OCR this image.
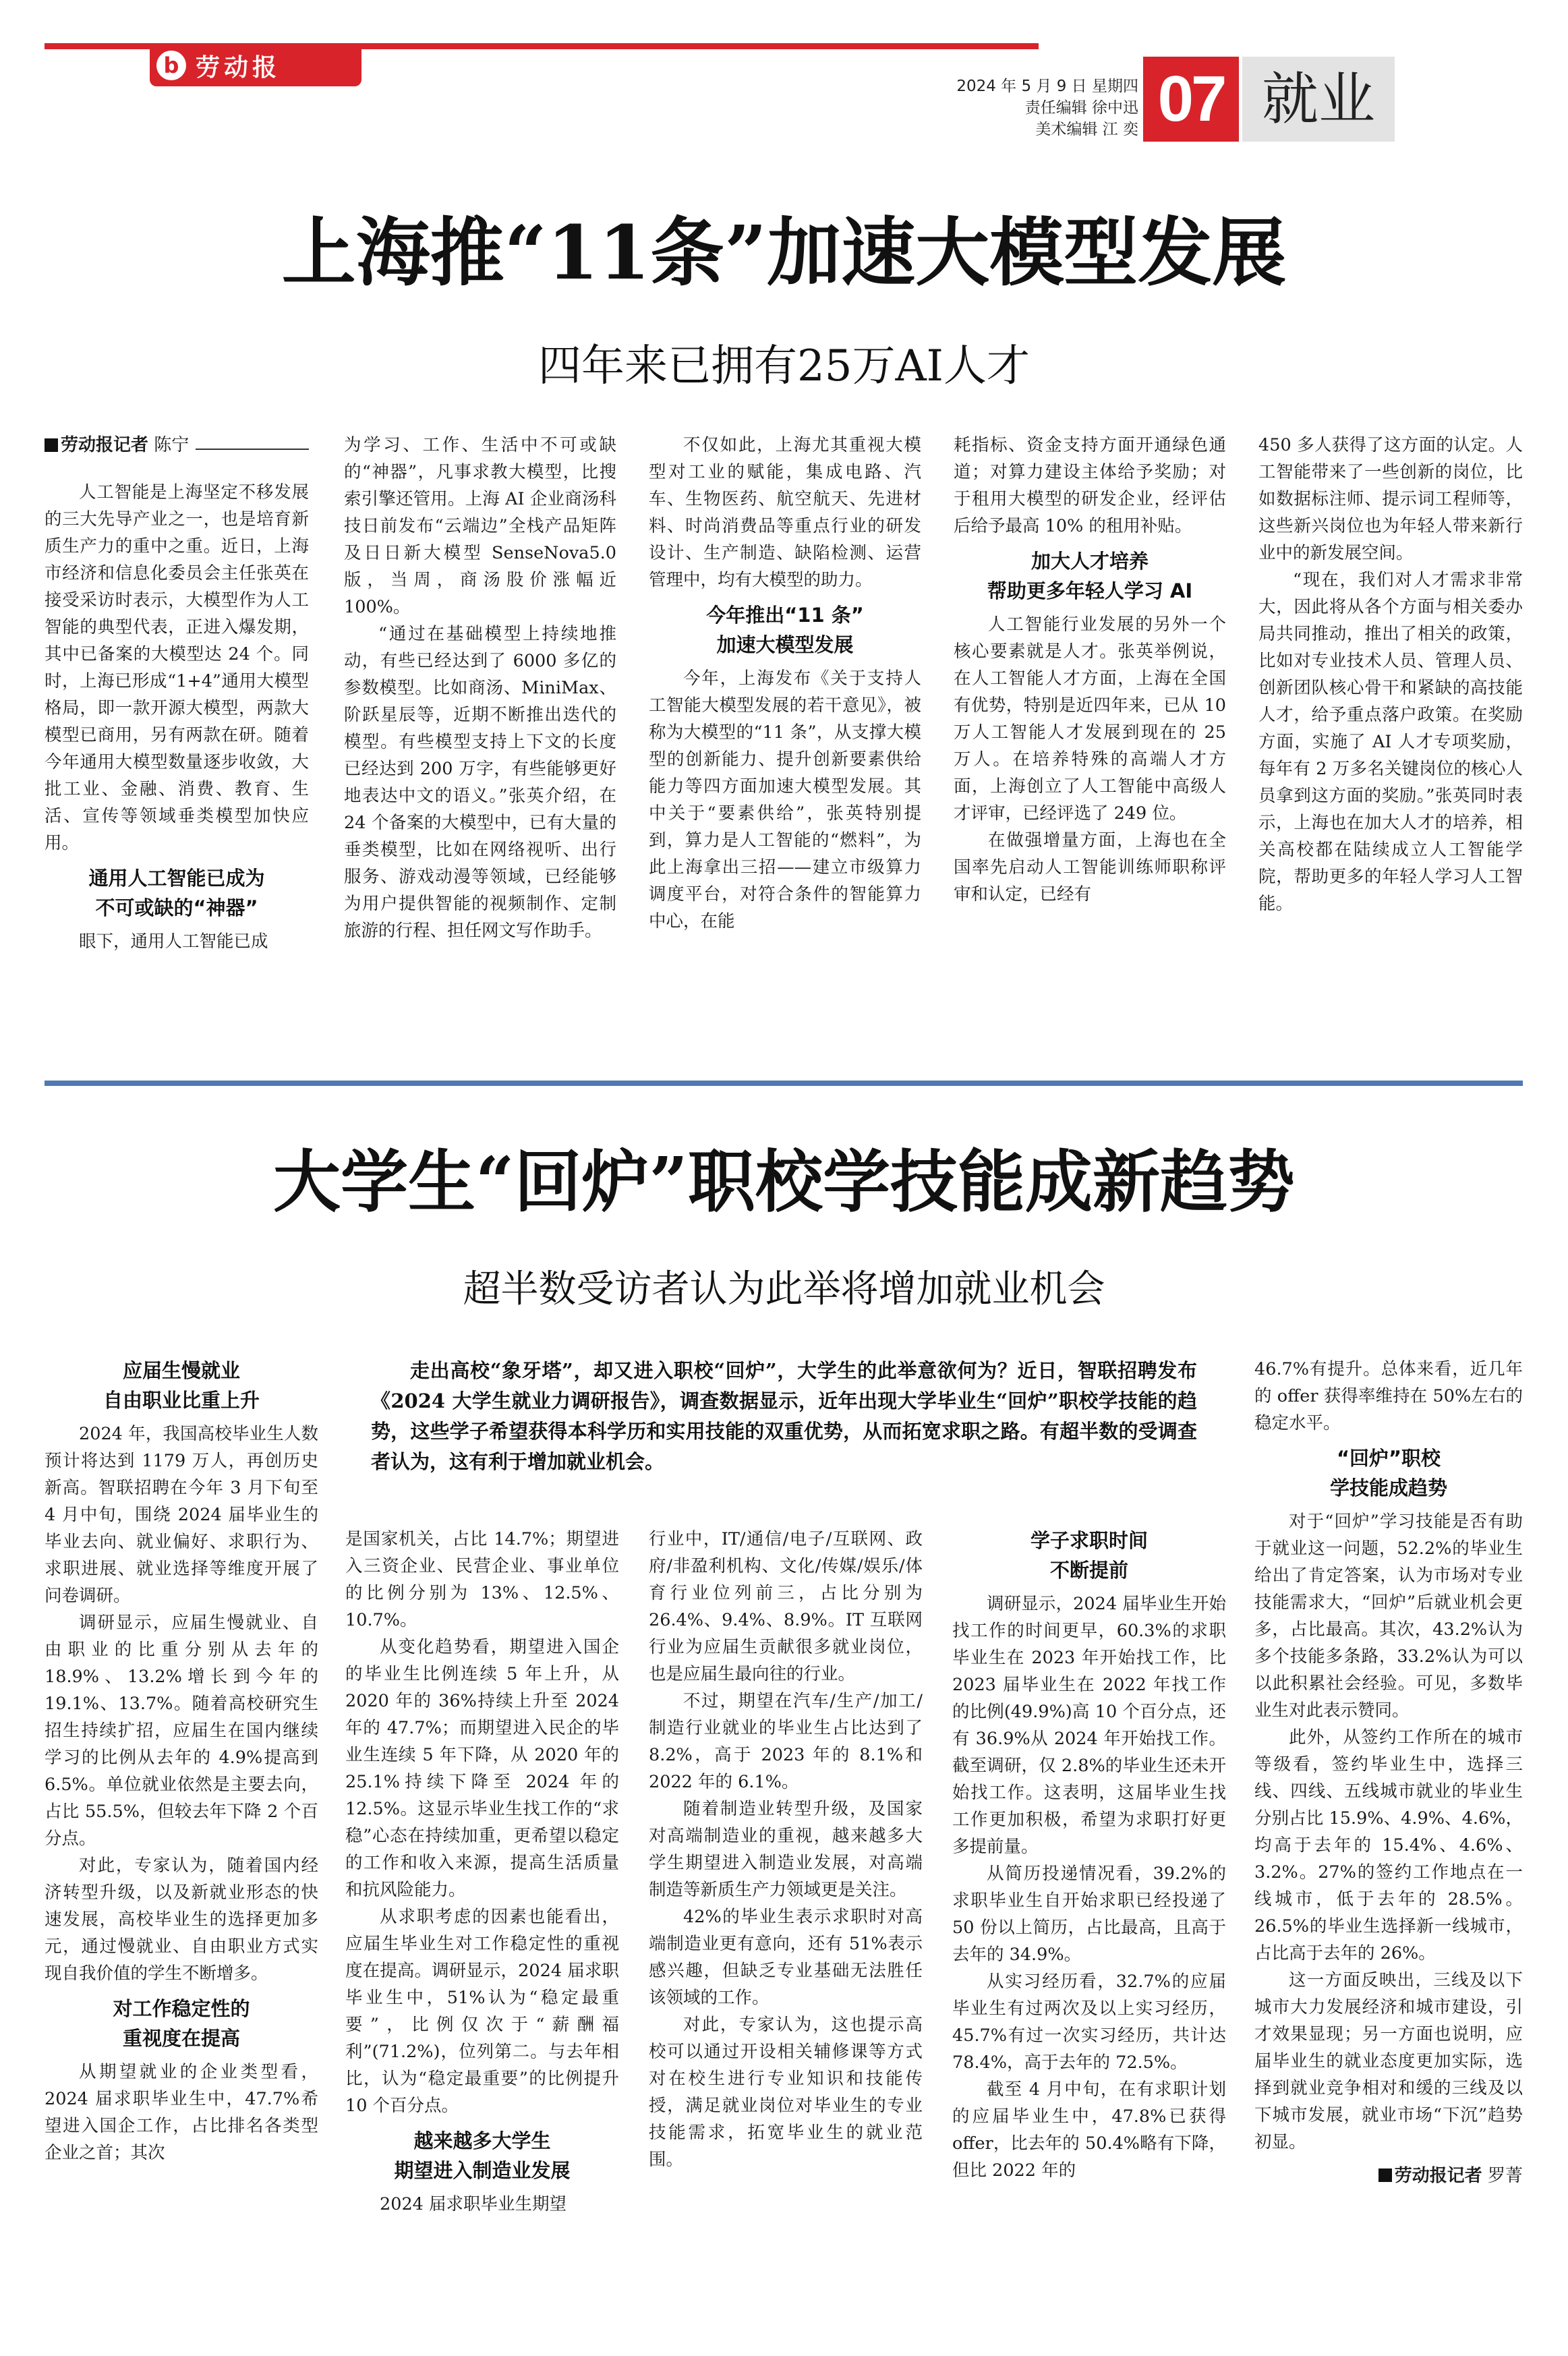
b 劳动报
2024 年 5 月 9 日 星期四
责任编辑 徐中迅
美术编辑 江 奕 07 就业
上海推“11条”加速大模型发展
四年来已拥有25万AI人才
劳动报记者
陈宁

人工智能是上海坚定不移发展的三大先导产业之一，也是培育新质生产力的重中之重。近日，上海市经济和信息化委员会主任张英在接受采访时表示，大模型作为人工智能的典型代表，正进入爆发期，其中已备案的大模型达 24 个。同时，上海已形成“1+4”通用大模型格局，即一款开源大模型，两款大模型已商用，另有两款在研。随着今年通用大模型数量逐步收敛，大批工业、金融、消费、教育、生活、宣传等领域垂类模型加快应用。

通用人工智能已成为
不可或缺的“神器”

眼下，通用人工智能已成

为学习、工作、生活中不可或缺的“神器”，凡事求教大模型，比搜索引擎还管用。上海 AI 企业商汤科技日前发布“云端边”全栈产品矩阵及日日新大模型 SenseNova5.0 版，当周，商汤股价涨幅近 100%。

“通过在基础模型上持续地推动，有些已经达到了 6000 多亿的参数模型。比如商汤、MiniMax、阶跃星辰等，近期不断推出迭代的模型。有些模型支持上下文的长度已经达到 200 万字，有些能够更好地表达中文的语义。”张英介绍，在 24 个备案的大模型中，已有大量的垂类模型，比如在网络视听、出行服务、游戏动漫等领域，已经能够为用户提供智能的视频制作、定制旅游的行程、担任网文写作助手。

不仅如此，上海尤其重视大模型对工业的赋能，集成电路、汽车、生物医药、航空航天、先进材料、时尚消费品等重点行业的研发设计、生产制造、缺陷检测、运营管理中，均有大模型的助力。

今年推出“11 条”
加速大模型发展

今年，上海发布《关于支持人工智能大模型发展的若干意见》，被称为大模型的“11 条”，从支撑大模型的创新能力、提升创新要素供给能力等四方面加速大模型发展。其中关于“要素供给”，张英特别提到，算力是人工智能的“燃料”，为此上海拿出三招——建立市级算力调度平台，对符合条件的智能算力中心，在能

耗指标、资金支持方面开通绿色通道；对算力建设主体给予奖励；对于租用大模型的研发企业，经评估后给予最高 10% 的租用补贴。

加大人才培养
帮助更多年轻人学习 AI

人工智能行业发展的另外一个核心要素就是人才。张英举例说，在人工智能人才方面，上海在全国有优势，特别是近四年来，已从 10 万人工智能人才发展到现在的 25 万人。在培养特殊的高端人才方面，上海创立了人工智能中高级人才评审，已经评选了 249 位。

在做强增量方面，上海也在全国率先启动人工智能训练师职称评审和认定，已经有

450 多人获得了这方面的认定。人工智能带来了一些创新的岗位，比如数据标注师、提示词工程师等，这些新兴岗位也为年轻人带来新行业中的新发展空间。

“现在，我们对人才需求非常大，因此将从各个方面与相关委办局共同推动，推出了相关的政策，比如对专业技术人员、管理人员、创新团队核心骨干和紧缺的高技能人才，给予重点落户政策。在奖励方面，实施了 AI 人才专项奖励，每年有 2 万多名关键岗位的核心人员拿到这方面的奖励。”张英同时表示，上海也在加大人才的培养，相关高校都在陆续成立人工智能学院，帮助更多的年轻人学习人工智能。

大学生“回炉”职校学技能成新趋势
超半数受访者认为此举将增加就业机会

走出高校“象牙塔”，却又进入职校“回炉”，大学生的此举意欲何为？近日，智联招聘发布《2024 大学生就业力调研报告》，调查数据显示，近年出现大学毕业生“回炉”职校学技能的趋势，这些学子希望获得本科学历和实用技能的双重优势，从而拓宽求职之路。有超半数的受调查者认为，这有利于增加就业机会。

应届生慢就业
自由职业比重上升

2024 年，我国高校毕业生人数预计将达到 1179 万人，再创历史新高。智联招聘在今年 3 月下旬至 4 月中旬，围绕 2024 届毕业生的毕业去向、就业偏好、求职行为、求职进展、就业选择等维度开展了问卷调研。

调研显示，应届生慢就业、自由职业的比重分别从去年的 18.9%、13.2%增长到今年的 19.1%、13.7%。随着高校研究生招生持续扩招，应届生在国内继续学习的比例从去年的 4.9%提高到 6.5%。单位就业依然是主要去向，占比 55.5%，但较去年下降 2 个百分点。

对此，专家认为，随着国内经济转型升级，以及新就业形态的快速发展，高校毕业生的选择更加多元，通过慢就业、自由职业方式实现自我价值的学生不断增多。

对工作稳定性的
重视度在提高

从期望就业的企业类型看，2024 届求职毕业生中，47.7%希望进入国企工作，占比排名各类型企业之首；其次

是国家机关，占比 14.7%；期望进入三资企业、民营企业、事业单位的比例分别为 13%、12.5%、10.7%。

从变化趋势看，期望进入国企的毕业生比例连续 5 年上升，从 2020 年的 36%持续上升至 2024 年的 47.7%；而期望进入民企的毕业生连续 5 年下降，从 2020 年的 25.1%持续下降至 2024 年的 12.5%。这显示毕业生找工作的“求稳”心态在持续加重，更希望以稳定的工作和收入来源，提高生活质量和抗风险能力。

从求职考虑的因素也能看出，应届生毕业生对工作稳定性的重视度在提高。调研显示，2024 届求职毕业生中，51%认为“稳定最重要”，比例仅次于“薪酬福利”(71.2%)，位列第二。与去年相比，认为“稳定最重要”的比例提升 10 个百分点。

越来越多大学生
期望进入制造业发展

2024 届求职毕业生期望

行业中，IT/通信/电子/互联网、政府/非盈利机构、文化/传媒/娱乐/体育行业位列前三，占比分别为 26.4%、9.4%、8.9%。IT 互联网行业为应届生贡献很多就业岗位，也是应届生最向往的行业。

不过，期望在汽车/生产/加工/制造行业就业的毕业生占比达到了 8.2%，高于 2023 年的 8.1%和 2022 年的 6.1%。

随着制造业转型升级，及国家对高端制造业的重视，越来越多大学生期望进入制造业发展，对高端制造等新质生产力领域更是关注。

42%的毕业生表示求职时对高端制造业更有意向，还有 51%表示感兴趣，但缺乏专业基础无法胜任该领域的工作。

对此，专家认为，这也提示高校可以通过开设相关辅修课等方式对在校生进行专业知识和技能传授，满足就业岗位对毕业生的专业技能需求，拓宽毕业生的就业范围。

学子求职时间
不断提前

调研显示，2024 届毕业生开始找工作的时间更早，60.3%的求职毕业生在 2023 年开始找工作，比 2023 届毕业生在 2022 年找工作的比例(49.9%)高 10 个百分点，还有 36.9%从 2024 年开始找工作。截至调研，仅 2.8%的毕业生还未开始找工作。这表明，这届毕业生找工作更加积极，希望为求职打好更多提前量。

从简历投递情况看，39.2%的求职毕业生自开始求职已经投递了 50 份以上简历，占比最高，且高于去年的 34.9%。

从实习经历看，32.7%的应届毕业生有过两次及以上实习经历，45.7%有过一次实习经历，共计达 78.4%，高于去年的 72.5%。

截至 4 月中旬，在有求职计划的应届毕业生中，47.8%已获得 offer，比去年的 50.4%略有下降，但比 2022 年的

46.7%有提升。总体来看，近几年的 offer 获得率维持在 50%左右的稳定水平。

“回炉”职校
学技能成趋势

对于“回炉”学习技能是否有助于就业这一问题，52.2%的毕业生给出了肯定答案，认为市场对专业技能需求大，“回炉”后就业机会更多，占比最高。其次，43.2%认为多个技能多条路，33.2%认为可以以此积累社会经验。可见，多数毕业生对此表示赞同。

此外，从签约工作所在的城市等级看，签约毕业生中，选择三线、四线、五线城市就业的毕业生分别占比 15.9%、4.9%、4.6%，均高于去年的 15.4%、4.6%、3.2%。27%的签约工作地点在一线城市，低于去年的 28.5%。26.5%的毕业生选择新一线城市，占比高于去年的 26%。

这一方面反映出，三线及以下城市大力发展经济和城市建设，引才效果显现；另一方面也说明，应届毕业生的就业态度更加实际，选择到就业竞争相对和缓的三线及以下城市发展，就业市场“下沉”趋势初显。

劳动报记者 罗菁
